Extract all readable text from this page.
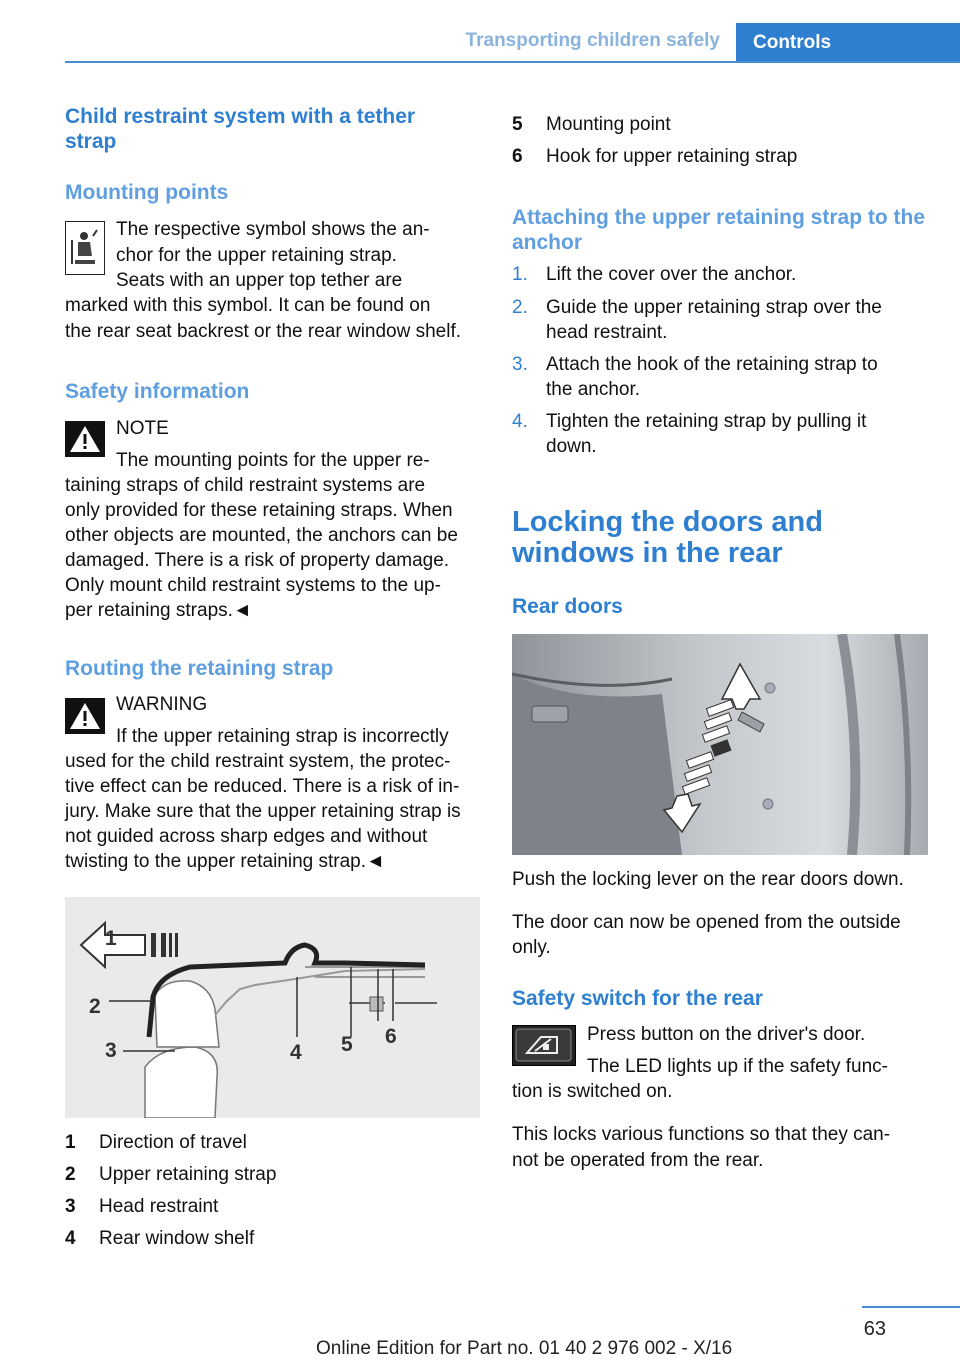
Transporting children safely	Controls
Child restraint system with a tether strap
Mounting points
The respective symbol shows the an-
chor for the upper retaining strap.
Seats with an upper top tether are
marked with this symbol. It can be found on
the rear seat backrest or the rear window shelf.
Safety information
NOTE
The mounting points for the upper re-
taining straps of child restraint systems are
only provided for these retaining straps. When
other objects are mounted, the anchors can be
damaged. There is a risk of property damage.
Only mount child restraint systems to the up-
per retaining straps.◄
Routing the retaining strap
WARNING
If the upper retaining strap is incorrectly
used for the child restraint system, the protec-
tive effect can be reduced. There is a risk of in-
jury. Make sure that the upper retaining strap is
not guided across sharp edges and without
twisting to the upper retaining strap.◄
1
2
3	4 5 6
1	Direction of travel
2	Upper retaining strap
3	Head restraint
4	Rear window shelf
5	Mounting point
6	Hook for upper retaining strap
Attaching the upper retaining strap to the anchor
1. Lift the cover over the anchor.
2. Guide the upper retaining strap over the
head restraint.
3. Attach the hook of the retaining strap to
the anchor.
4. Tighten the retaining strap by pulling it
down.
Locking the doors and
windows in the rear
Rear doors
Push the locking lever on the rear doors down.
The door can now be opened from the outside
only.
Safety switch for the rear
Press button on the driver's door.
The LED lights up if the safety func-
tion is switched on.
This locks various functions so that they can-
not be operated from the rear.
63
Online Edition for Part no. 01 40 2 976 002 - X/16
